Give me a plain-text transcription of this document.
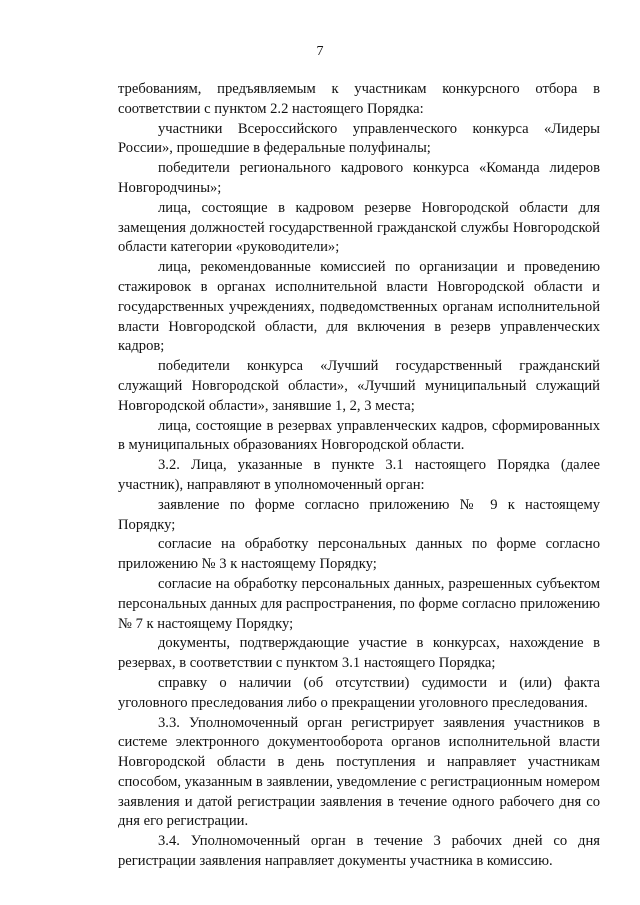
7

требованиям, предъявляемым к участникам конкурсного отбора в соответствии с пунктом 2.2 настоящего Порядка:

участники Всероссийского управленческого конкурса «Лидеры России», прошедшие в федеральные полуфиналы;

победители регионального кадрового конкурса «Команда лидеров Новгородчины»;

лица, состоящие в кадровом резерве Новгородской области для замещения должностей государственной гражданской службы Новгородской области категории «руководители»;

лица, рекомендованные комиссией по организации и проведению стажировок в органах исполнительной власти Новгородской области и государственных учреждениях, подведомственных органам исполнительной власти Новгородской области, для включения в резерв управленческих кадров;

победители конкурса «Лучший государственный гражданский служащий Новгородской области», «Лучший муниципальный служащий Новгородской области», занявшие 1, 2, 3 места;

лица, состоящие в резервах управленческих кадров, сформированных в муниципальных образованиях Новгородской области.

3.2. Лица, указанные в пункте 3.1 настоящего Порядка (далее участник), направляют в уполномоченный орган:

заявление по форме согласно приложению № 9 к настоящему Порядку;

согласие на обработку персональных данных по форме согласно приложению № 3 к настоящему Порядку;

согласие на обработку персональных данных, разрешенных субъектом персональных данных для распространения, по форме согласно приложению № 7 к настоящему Порядку;

документы, подтверждающие участие в конкурсах, нахождение в резервах, в соответствии с пунктом 3.1 настоящего Порядка;

справку о наличии (об отсутствии) судимости и (или) факта уголовного преследования либо о прекращении уголовного преследования.

3.3. Уполномоченный орган регистрирует заявления участников в системе электронного документооборота органов исполнительной власти Новгородской области в день поступления и направляет участникам способом, указанным в заявлении, уведомление с регистрационным номером заявления и датой регистрации заявления в течение одного рабочего дня со дня его регистрации.

3.4. Уполномоченный орган в течение 3 рабочих дней со дня регистрации заявления направляет документы участника в комиссию.
